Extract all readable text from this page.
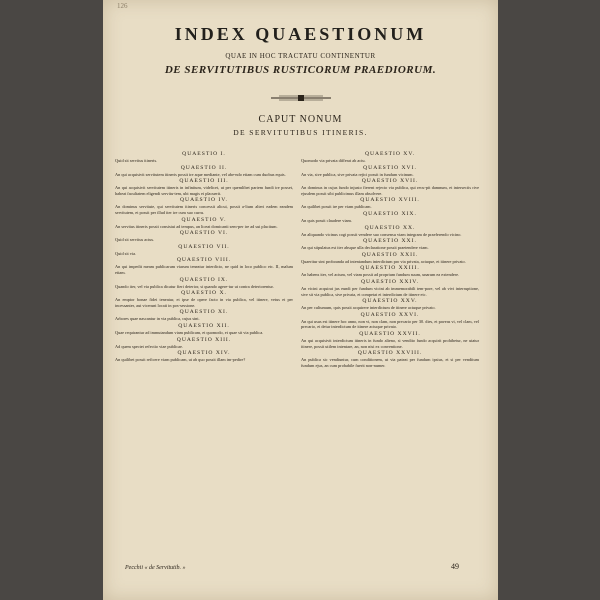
126
INDEX QUAESTIONUM
QUAE IN HOC TRACTATU CONTINENTUR
DE SERVITUTIBUS RUSTICORUM PRAEDIORUM.
CAPUT NONUM
DE SERVITUTIBUS ITINERIS.
QUAESTIO I.
Quid sit servitus itineris.
QUAESTIO II.
An qui acquisivit servitutem itineris possit ire aque mediante, vel abe-ndo etiam cum duobus equis.
QUAESTIO III.
An qui acquisivit servitutem itineris in infinitum, videlicet, ut per quemlibet partem fundi ire posset, habeat facultatem eligendi servitu-tem, ubi magis ei placuerit.
QUAESTIO IV.
An dominus servitute, qui servitutem itineris concessit alicui, possit a-lium alteri eadem eandem servitutem, et possit per illud iter ire cum suo curru.
QUAESTIO V.
An servitus itineris possit consistui ad tempus, an liceat domicanti sem-per ire ad sui placitum.
QUAESTIO VI.
Quid sit servitus actus.
QUAESTIO VII.
Quid sit via.
QUAESTIO VIII.
An qui impedit meam publicarum viarum teneatur interdicto, ne quid in loco publico etc. II, malum etiam.
QUAESTIO IX.
Quando iter, vel via publica dicatur fieri deterior, si quando agere-tur ut contra deteriorentur.
QUAESTIO X.
An emptor bonae fidei teneatur, et ipse de opere facto in via publica, vel itinere, vetus et per incessanter, aut vicerunt locati in pos-sessione.
QUAESTIO XI.
Arbores quae nascantur in via publica, cujus sint.
QUAESTIO XII.
Quae requirantur ad immutandum viam publicam, et quomodo, et quae sit via publica.
QUAESTIO XIII.
Ad quem spectet refectio viae publicae.
QUAESTIO XIV.
An quilibet possit reficere viam publicam, ut ab quo possit illam im-pedire?
QUAESTIO XV.
Quomodo via privata differat ab actu.
QUAESTIO XVI.
An via, sive publica, sive privata rejici possit in fundum vicinum.
QUAESTIO XVII.
An dominus in cujus fundo injusto fierent rejecto via publica, qui recu-pit damnum, et intersectis rive ejusdem possit sibi publicimus illam absolvere.
QUAESTIO XVIII.
An quilibet possit ire per viam publicam.
QUAESTIO XIX.
An quis possit claudere viam.
QUAESTIO XX.
An aliquando vicinus cogi possit vendere suo consensu viam integram de praeferendo vicino.
QUAESTIO XXI.
An qui stipulatus est iter absque ulla declaratione possit praetendere viam.
QUAESTIO XXII.
Quaeritur sint proboanda ad intentandum interdictum pro via privata, actuque, et itinere privato.
QUAESTIO XXIII.
An habens iter, vel actum, vel viam possit ad proprium fundum suum, unarum ea extendere.
QUAESTIO XXIV.
An vicini acquirat jus eundi per fundum vicini ab immemorabili tem-pore, vel ab vivi interruptione, sive sit via publica, sive privata, et competat ei interdictum de itinere etc.
QUAESTIO XXV.
An per cultumum, quis possit acquirere interdictum de itinere actuque privato.
QUAESTIO XXVI.
An qui usus est itinere hoc anno, non vi, non clam, non precario per 30. dies, et paveas vi, vel clam, vel precario, ei detur interdictum de itinere actuque privato.
QUAESTIO XXVII.
An qui acquisivit interdictum itineris in fundo alieno, si vendito fundo acquirit prohibetur, ne utatur itinere, possit utilem intentare, an, non nisi ex conventione.
QUAESTIO XXVIII.
An publica sic vendiuntur, cum conditionem, ut via pateat per fundum ipsius, et si per venditum fundum ejus, an cum probabile fuerit non-numer.
Pecchii « de Servitutib. »	49
